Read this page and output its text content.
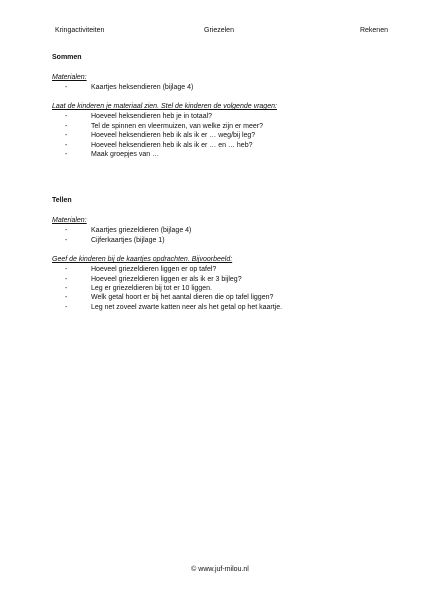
Kringactiviteiten	Griezelen	Rekenen

Sommen

Materialen:

-	Kaartjes heksendieren (bijlage 4)

Laat de kinderen je materiaal zien. Stel de kinderen de volgende vragen:

-	Hoeveel heksendieren heb je in totaal?
-	Tel de spinnen en vleermuizen, van welke zijn er meer?
-	Hoeveel heksendieren heb ik als ik er … weg/bij leg?
-	Hoeveel heksendieren heb ik als ik er … en … heb?
-	Maak groepjes van …

Tellen

Materialen:

-	Kaartjes griezeldieren (bijlage 4)
-	Cijferkaartjes (bijlage 1)

Geef de kinderen bij de kaartjes opdrachten. Bijvoorbeeld:

-	Hoeveel griezeldieren liggen er op tafel?
-	Hoeveel griezeldieren liggen er als ik er 3 bijleg?
-	Leg er griezeldieren bij tot er 10 liggen.
-	Welk getal hoort er bij het aantal dieren die op tafel liggen?
-	Leg net zoveel zwarte katten neer als het getal op het kaartje.
© www.juf-milou.nl
